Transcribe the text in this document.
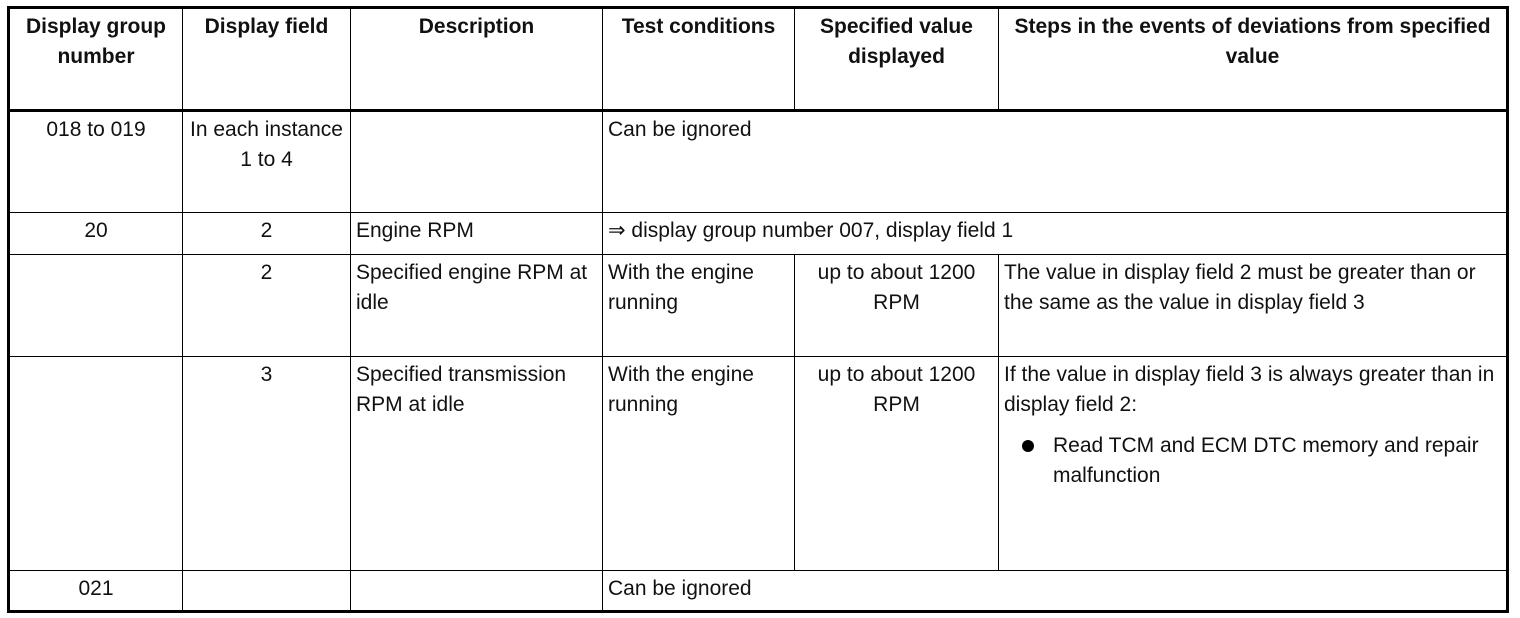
Display group number	Display field	Description	Test conditions	Specified value displayed	Steps in the events of deviations from specified value
018 to 019	In each instance 1 to 4		Can be ignored		
20	2	Engine RPM	⇒ display group number 007, display field 1		
	2	Specified engine RPM at idle	With the engine running	up to about 1200 RPM	The value in display field 2 must be greater than or the same as the value in display field 3
	3	Specified transmission RPM at idle	With the engine running	up to about 1200 RPM	If the value in display field 3 is always greater than in display field 2:
Read TCM and ECM DTC memory and repair malfunction

021			Can be ignored		
